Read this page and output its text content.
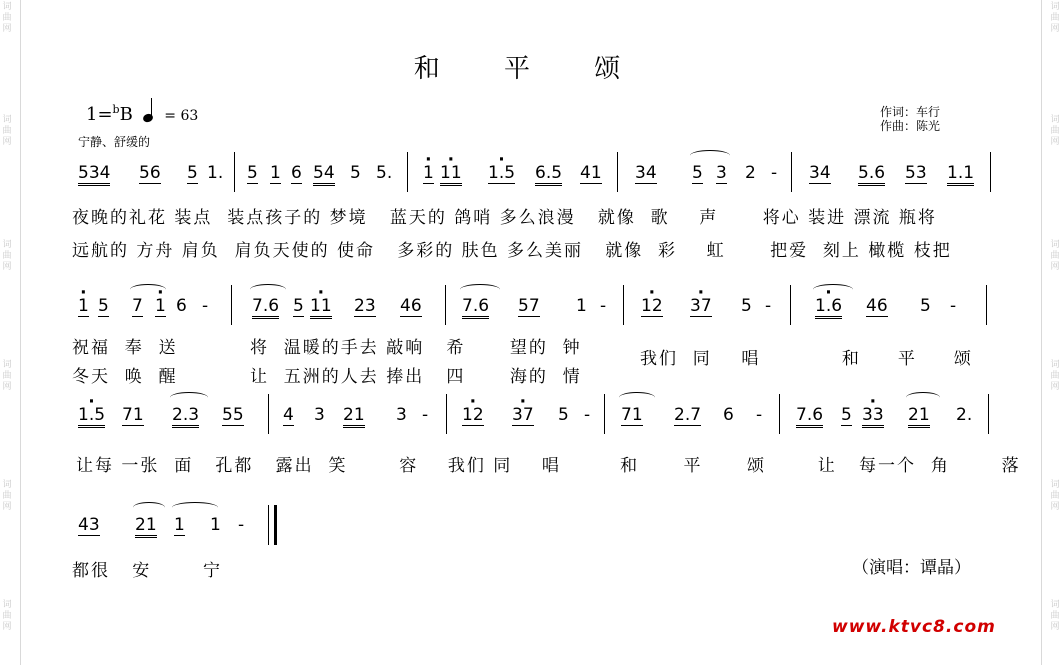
词
曲
网
词
曲
网
词
曲
网
词
曲
网
词
曲
网
词
曲
网
词
曲
网
词
曲
网
词
曲
网
词
曲
网
词
曲
网
词
曲
网
和 平 颂
1=$^b$B = 63
宁静、舒缓的
作词：车行
作曲：陈光
534 56 5 1. 5 1 6 54 5 5. · 1 · 11 · 1.5 6.5 41 34 5 3 2 - 34 5.6 53 1.1
夜晚的礼花 装点  装点孩子的 梦境   蓝天的 鸽哨 多么浪漫   就像  歌    声      将心 装进 漂流 瓶将
远航的 方舟 肩负  肩负天使的 使命   多彩的 肤色 多么美丽   就像  彩    虹      把爱  刻上 橄榄 枝把
· 1 5 7 · 1 6 -	7.6 5 · 11 23 46 7.6 57 1 - · 12 · 37 5 -	· 1.6 46 5 -
祝福  奉  送
冬天  唤  醒
将  温暖的手去 敲响   希      望的  钟
让  五洲的人去 捧出   四      海的  情
我们  同    唱           和     平     颂
· 1.5 71 2.3 55 4 3 21 3 - · 12 · 37 5 - 71 2.7 6 - 7.6 5 · 33 21 2.
让每 一张  面   孔都   露出  笑       容    我们 同    唱        和      平      颂       让   每一个  角       落
43 21 1 1 -
都很   安       宁	（演唱：谭晶）
www.ktvc8.com
